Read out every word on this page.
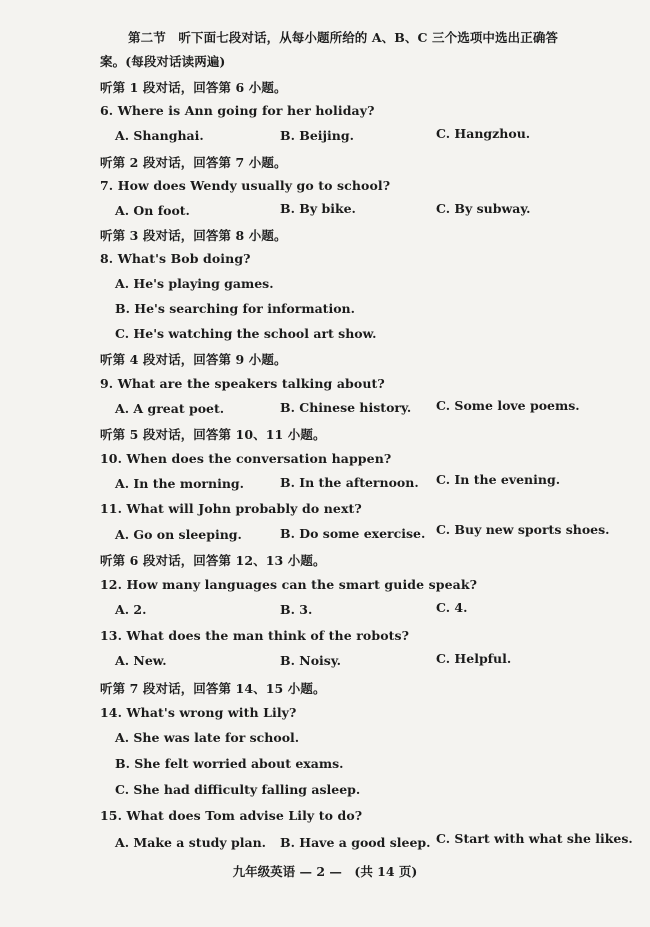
第二节　听下面七段对话，从每小题所给的 A、B、C 三个选项中选出正确答
案。(每段对话读两遍)
听第 1 段对话，回答第 6 小题。
6. Where is Ann going for her holiday?
A. Shanghai.	B. Beijing.	C. Hangzhou.
听第 2 段对话，回答第 7 小题。
7. How does Wendy usually go to school?
A. On foot.	B. By bike.	C. By subway.
听第 3 段对话，回答第 8 小题。
8. What's Bob doing?
A. He's playing games.
B. He's searching for information.
C. He's watching the school art show.
听第 4 段对话，回答第 9 小题。
9. What are the speakers talking about?
A. A great poet.	B. Chinese history. C. Some love poems.
听第 5 段对话，回答第 10、11 小题。
10. When does the conversation happen?
A. In the morning.	B. In the afternoon. C. In the evening.
11. What will John probably do next?
A. Go on sleeping.	B. Do some exercise. C. Buy new sports shoes.
听第 6 段对话，回答第 12、13 小题。
12. How many languages can the smart guide speak?
A. 2.	B. 3.	C. 4.
13. What does the man think of the robots?
A. New.	B. Noisy.	C. Helpful.
听第 7 段对话，回答第 14、15 小题。
14. What's wrong with Lily?
A. She was late for school.
B. She felt worried about exams.
C. She had difficulty falling asleep.
15. What does Tom advise Lily to do?
A. Make a study plan. B. Have a good sleep. C. Start with what she likes.
九年级英语 — 2 —　(共 14 页)
